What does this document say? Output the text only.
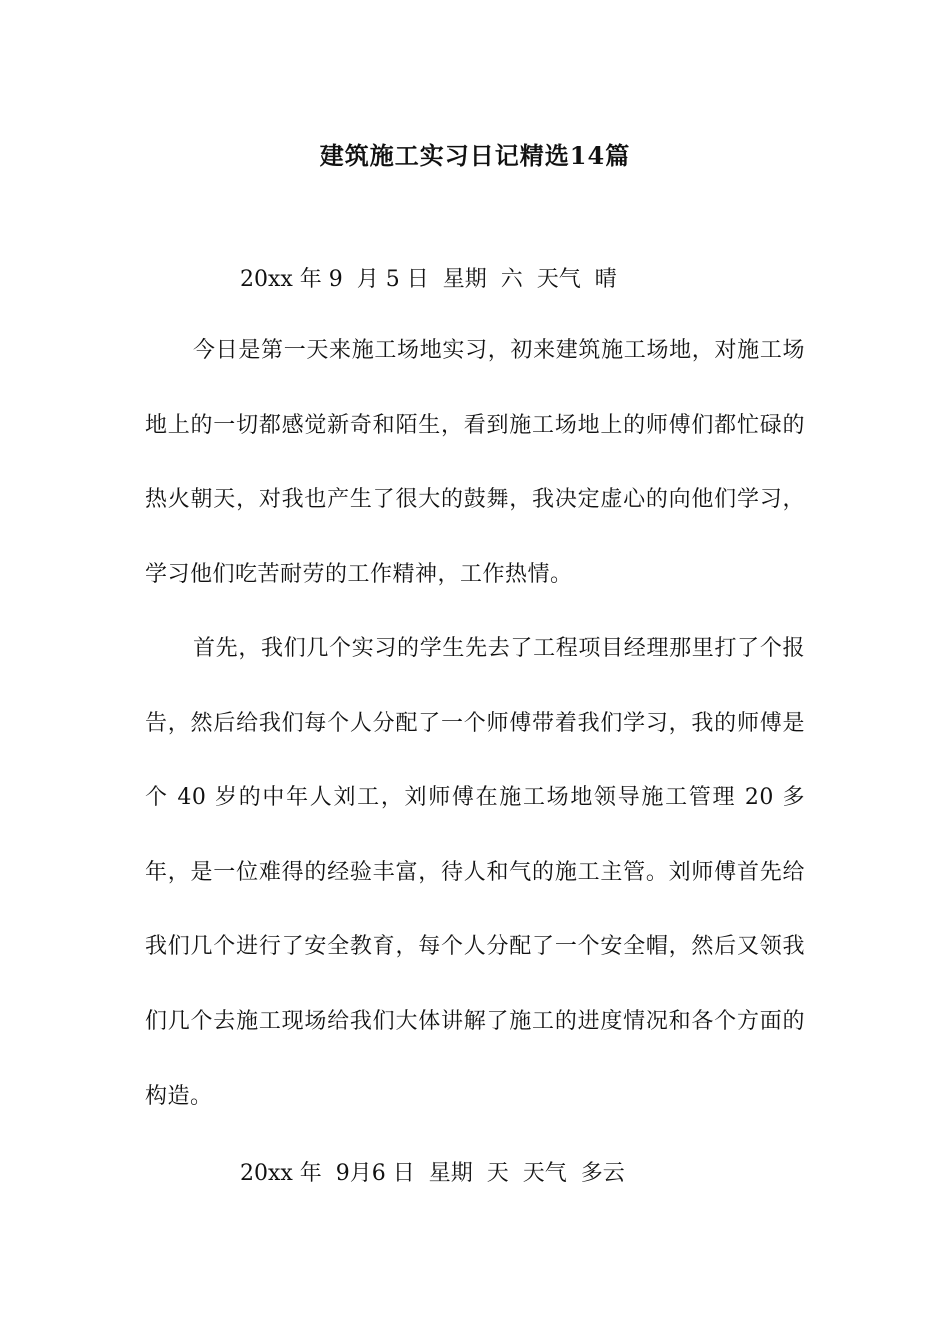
建筑施工实习日记精选14篇
20xx 年 9  月 5 日  星期  六  天气  晴

今日是第一天来施工场地实习，初来建筑施工场地，对施工场地上的一切都感觉新奇和陌生，看到施工场地上的师傅们都忙碌的热火朝天，对我也产生了很大的鼓舞，我决定虚心的向他们学习，学习他们吃苦耐劳的工作精神，工作热情。

首先，我们几个实习的学生先去了工程项目经理那里打了个报告，然后给我们每个人分配了一个师傅带着我们学习，我的师傅是个 40 岁的中年人刘工，刘师傅在施工场地领导施工管理 20 多年，是一位难得的经验丰富，待人和气的施工主管。刘师傅首先给我们几个进行了安全教育，每个人分配了一个安全帽，然后又领我们几个去施工现场给我们大体讲解了施工的进度情况和各个方面的构造。

20xx 年  9月6 日  星期  天  天气  多云
